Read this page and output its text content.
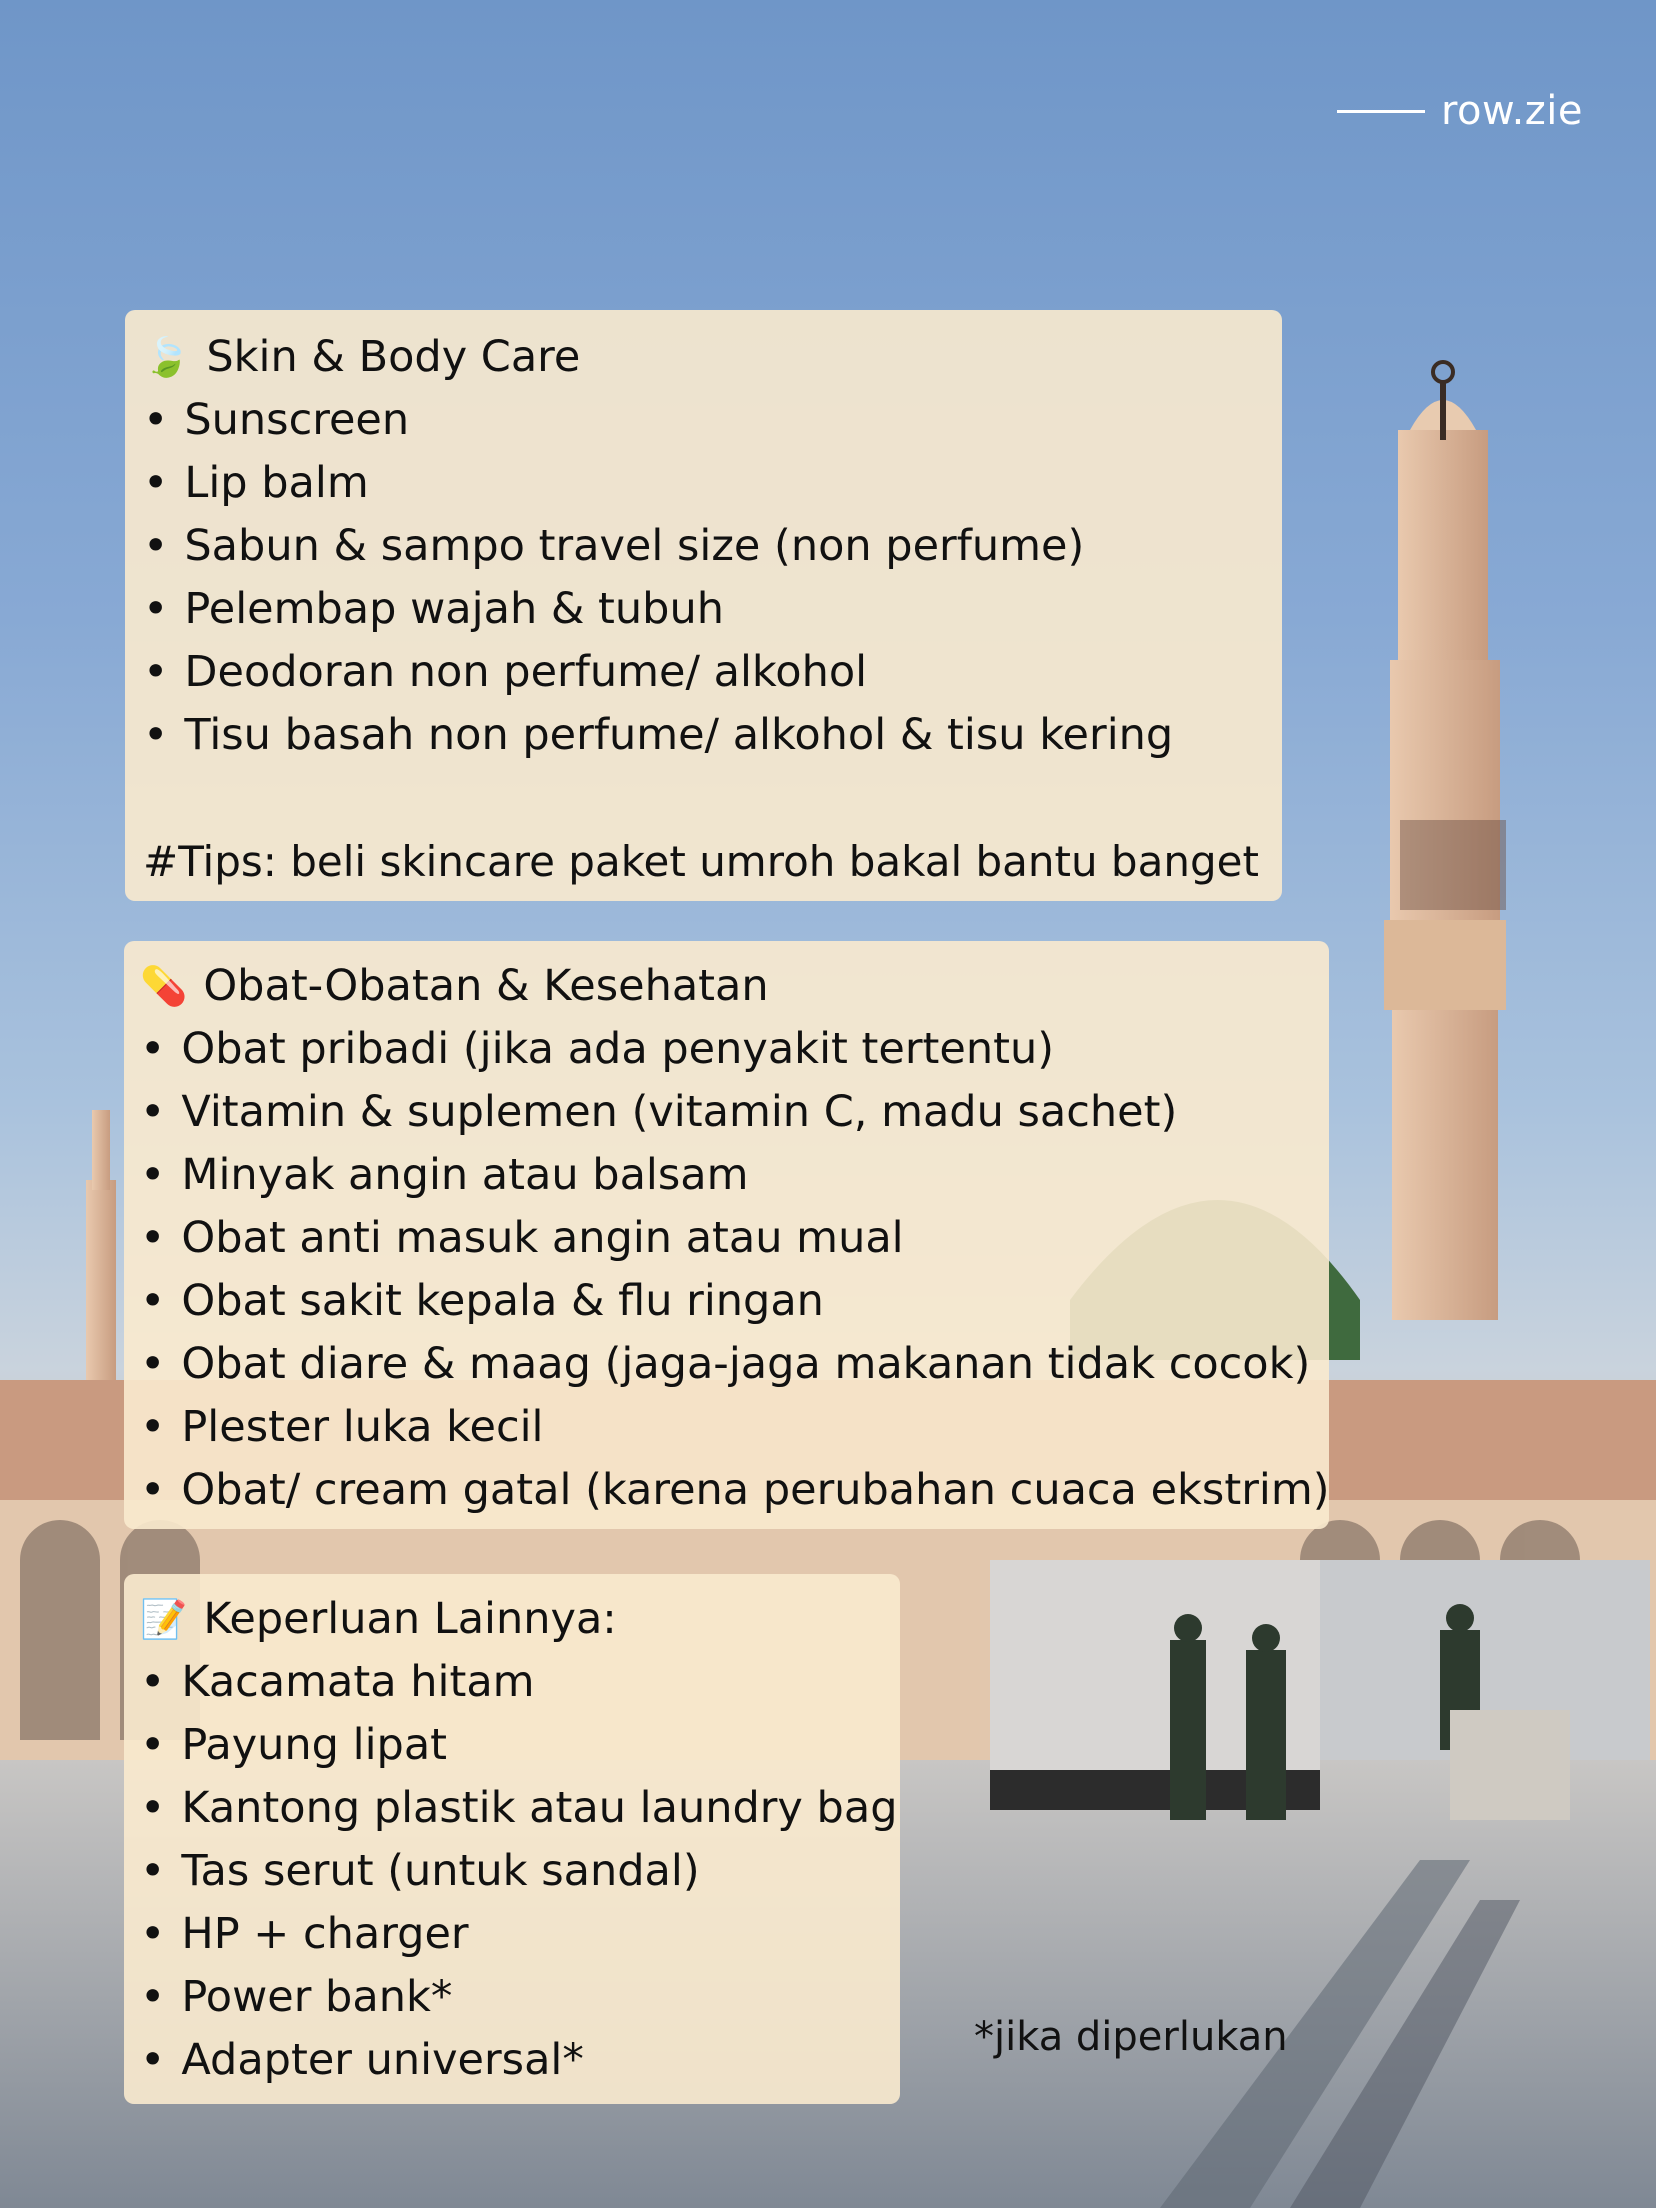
row.zie
🍃 Skin & Body Care
• Sunscreen
• Lip balm
• Sabun & sampo travel size (non perfume)
• Pelembap wajah & tubuh
• Deodoran non perfume/ alkohol
• Tisu basah non perfume/ alkohol & tisu kering
#Tips: beli skincare paket umroh bakal bantu banget
💊 Obat-Obatan & Kesehatan
• Obat pribadi (jika ada penyakit tertentu)
• Vitamin & suplemen (vitamin C, madu sachet)
• Minyak angin atau balsam
• Obat anti masuk angin atau mual
• Obat sakit kepala & flu ringan
• Obat diare & maag (jaga-jaga makanan tidak cocok)
• Plester luka kecil
• Obat/ cream gatal (karena perubahan cuaca ekstrim)
📝 Keperluan Lainnya:
• Kacamata hitam
• Payung lipat
• Kantong plastik atau laundry bag
• Tas serut (untuk sandal)
• HP + charger
• Power bank*
• Adapter universal*	*jika diperlukan
